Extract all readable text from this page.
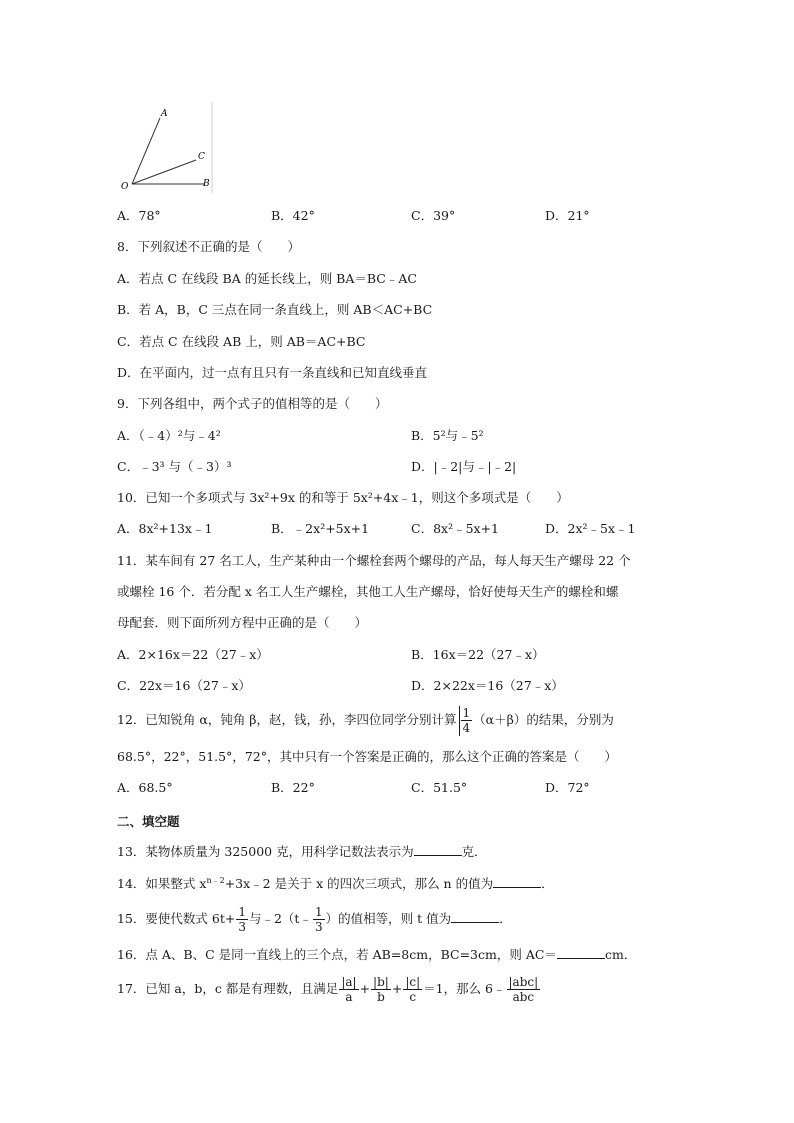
A
C
O	B
A．78°	B．42°	C．39°	D．21°
8．下列叙述不正确的是（　　）
A．若点 C 在线段 BA 的延长线上，则 BA＝BC﹣AC
B．若 A，B，C 三点在同一条直线上，则 AB＜AC+BC
C．若点 C 在线段 AB 上，则 AB＝AC+BC
D．在平面内，过一点有且只有一条直线和已知直线垂直
9．下列各组中，两个式子的值相等的是（　　）
A．（﹣4）²与﹣4²	B．5²与﹣5²
C．﹣3³ 与（﹣3）³	D．|﹣2|与﹣|﹣2|
10．已知一个多项式与 3x²+9x 的和等于 5x²+4x﹣1，则这个多项式是（　　）
A．8x²+13x﹣1	B．﹣2x²+5x+1	C．8x²﹣5x+1	D．2x²﹣5x﹣1
11．某车间有 27 名工人，生产某种由一个螺栓套两个螺母的产品，每人每天生产螺母 22 个
或螺栓 16 个．若分配 x 名工人生产螺栓，其他工人生产螺母，恰好使每天生产的螺栓和螺
母配套．则下面所列方程中正确的是（　　）
A．2×16x＝22（27﹣x）	B．16x＝22（27﹣x）
C．22x＝16（27﹣x）	D．2×22x＝16（27﹣x）
12．已知锐角 α，钝角 β，赵，钱，孙，李四位同学分别计算 $\frac{1}{4} (\alpha+\beta)$的结果，分别为
68.5°，22°，51.5°，72°，其中只有一个答案是正确的，那么这个正确的答案是（　　）
A．68.5°	B．22°	C．51.5°	D．72°
二、填空题
13．某物体质量为 325000 克，用科学记数法表示为	克．
14．如果整式 $x^{n﹣2}+3x﹣2$ 是关于 x 的四次三项式，那么 n 的值为	．
15．要使代数式 $6t+ \frac{1}{3}$ 与﹣2（t﹣ $\frac{1}{3}$ ）的值相等，则 t 值为	．
16．点 A、B、C 是同一直线上的三个点，若 AB=8cm，BC=3cm，则 AC＝	cm．
17．已知 a，b，c 都是有理数，且满足 $\frac{|a|}{a} + \frac{|b|}{b} + \frac{|c|}{c} =1$，那么 6﹣ $\frac{\text{|abc|}}{\text{abc}}$
